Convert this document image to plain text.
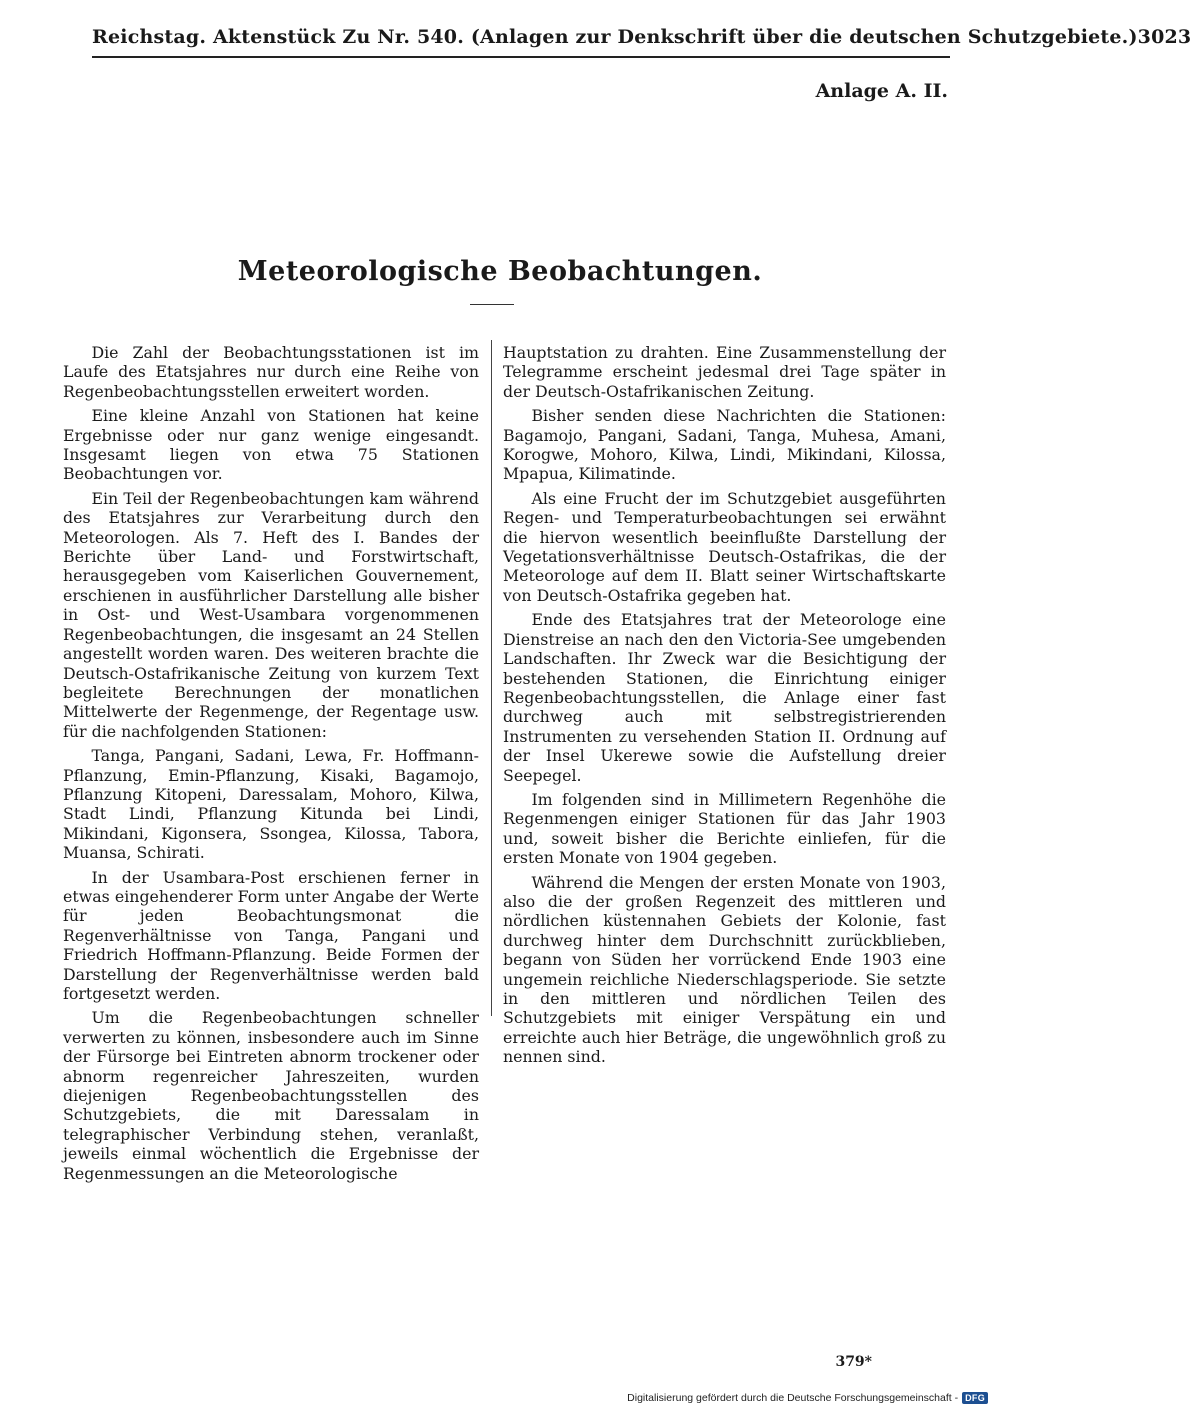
Reichstag. Aktenstück Zu Nr. 540. (Anlagen zur Denkschrift über die deutschen Schutzgebiete.) 3023
Anlage A. II.
Meteorologische Beobachtungen.

Die Zahl der Beobachtungsstationen ist im Laufe des Etatsjahres nur durch eine Reihe von Regenbeobachtungsstellen erweitert worden.

Eine kleine Anzahl von Stationen hat keine Ergebnisse oder nur ganz wenige eingesandt. Insgesamt liegen von etwa 75 Stationen Beobachtungen vor.

Ein Teil der Regenbeobachtungen kam während des Etatsjahres zur Verarbeitung durch den Meteorologen. Als 7. Heft des I. Bandes der Berichte über Land- und Forstwirtschaft, herausgegeben vom Kaiserlichen Gouvernement, erschienen in ausführlicher Darstellung alle bisher in Ost- und West-Usambara vorgenommenen Regenbeobachtungen, die insgesamt an 24 Stellen angestellt worden waren. Des weiteren brachte die Deutsch-Ostafrikanische Zeitung von kurzem Text begleitete Berechnungen der monatlichen Mittelwerte der Regenmenge, der Regentage usw. für die nachfolgenden Stationen:

Tanga, Pangani, Sadani, Lewa, Fr. Hoffmann-Pflanzung, Emin-Pflanzung, Kisaki, Bagamojo, Pflanzung Kitopeni, Daressalam, Mohoro, Kilwa, Stadt Lindi, Pflanzung Kitunda bei Lindi, Mikindani, Kigonsera, Ssongea, Kilossa, Tabora, Muansa, Schirati.

In der Usambara-Post erschienen ferner in etwas eingehenderer Form unter Angabe der Werte für jeden Beobachtungsmonat die Regenverhältnisse von Tanga, Pangani und Friedrich Hoffmann-Pflanzung. Beide Formen der Darstellung der Regenverhältnisse werden bald fortgesetzt werden.

Um die Regenbeobachtungen schneller verwerten zu können, insbesondere auch im Sinne der Fürsorge bei Eintreten abnorm trockener oder abnorm regenreicher Jahreszeiten, wurden diejenigen Regenbeobachtungsstellen des Schutzgebiets, die mit Daressalam in telegraphischer Verbindung stehen, veranlaßt, jeweils einmal wöchentlich die Ergebnisse der Regenmessungen an die Meteorologische

Hauptstation zu drahten. Eine Zusammenstellung der Telegramme erscheint jedesmal drei Tage später in der Deutsch-Ostafrikanischen Zeitung.

Bisher senden diese Nachrichten die Stationen: Bagamojo, Pangani, Sadani, Tanga, Muhesa, Amani, Korogwe, Mohoro, Kilwa, Lindi, Mikindani, Kilossa, Mpapua, Kilimatinde.

Als eine Frucht der im Schutzgebiet ausgeführten Regen- und Temperaturbeobachtungen sei erwähnt die hiervon wesentlich beeinflußte Darstellung der Vegetationsverhältnisse Deutsch-Ostafrikas, die der Meteorologe auf dem II. Blatt seiner Wirtschaftskarte von Deutsch-Ostafrika gegeben hat.

Ende des Etatsjahres trat der Meteorologe eine Dienstreise an nach den den Victoria-See umgebenden Landschaften. Ihr Zweck war die Besichtigung der bestehenden Stationen, die Einrichtung einiger Regenbeobachtungsstellen, die Anlage einer fast durchweg auch mit selbstregistrierenden Instrumenten zu versehenden Station II. Ordnung auf der Insel Ukerewe sowie die Aufstellung dreier Seepegel.

Im folgenden sind in Millimetern Regenhöhe die Regenmengen einiger Stationen für das Jahr 1903 und, soweit bisher die Berichte einliefen, für die ersten Monate von 1904 gegeben.

Während die Mengen der ersten Monate von 1903, also die der großen Regenzeit des mittleren und nördlichen küstennahen Gebiets der Kolonie, fast durchweg hinter dem Durchschnitt zurückblieben, begann von Süden her vorrückend Ende 1903 eine ungemein reichliche Niederschlagsperiode. Sie setzte in den mittleren und nördlichen Teilen des Schutzgebiets mit einiger Verspätung ein und erreichte auch hier Beträge, die ungewöhnlich groß zu nennen sind.

379*
Digitalisierung gefördert durch die Deutsche Forschungsgemeinschaft - DFG
